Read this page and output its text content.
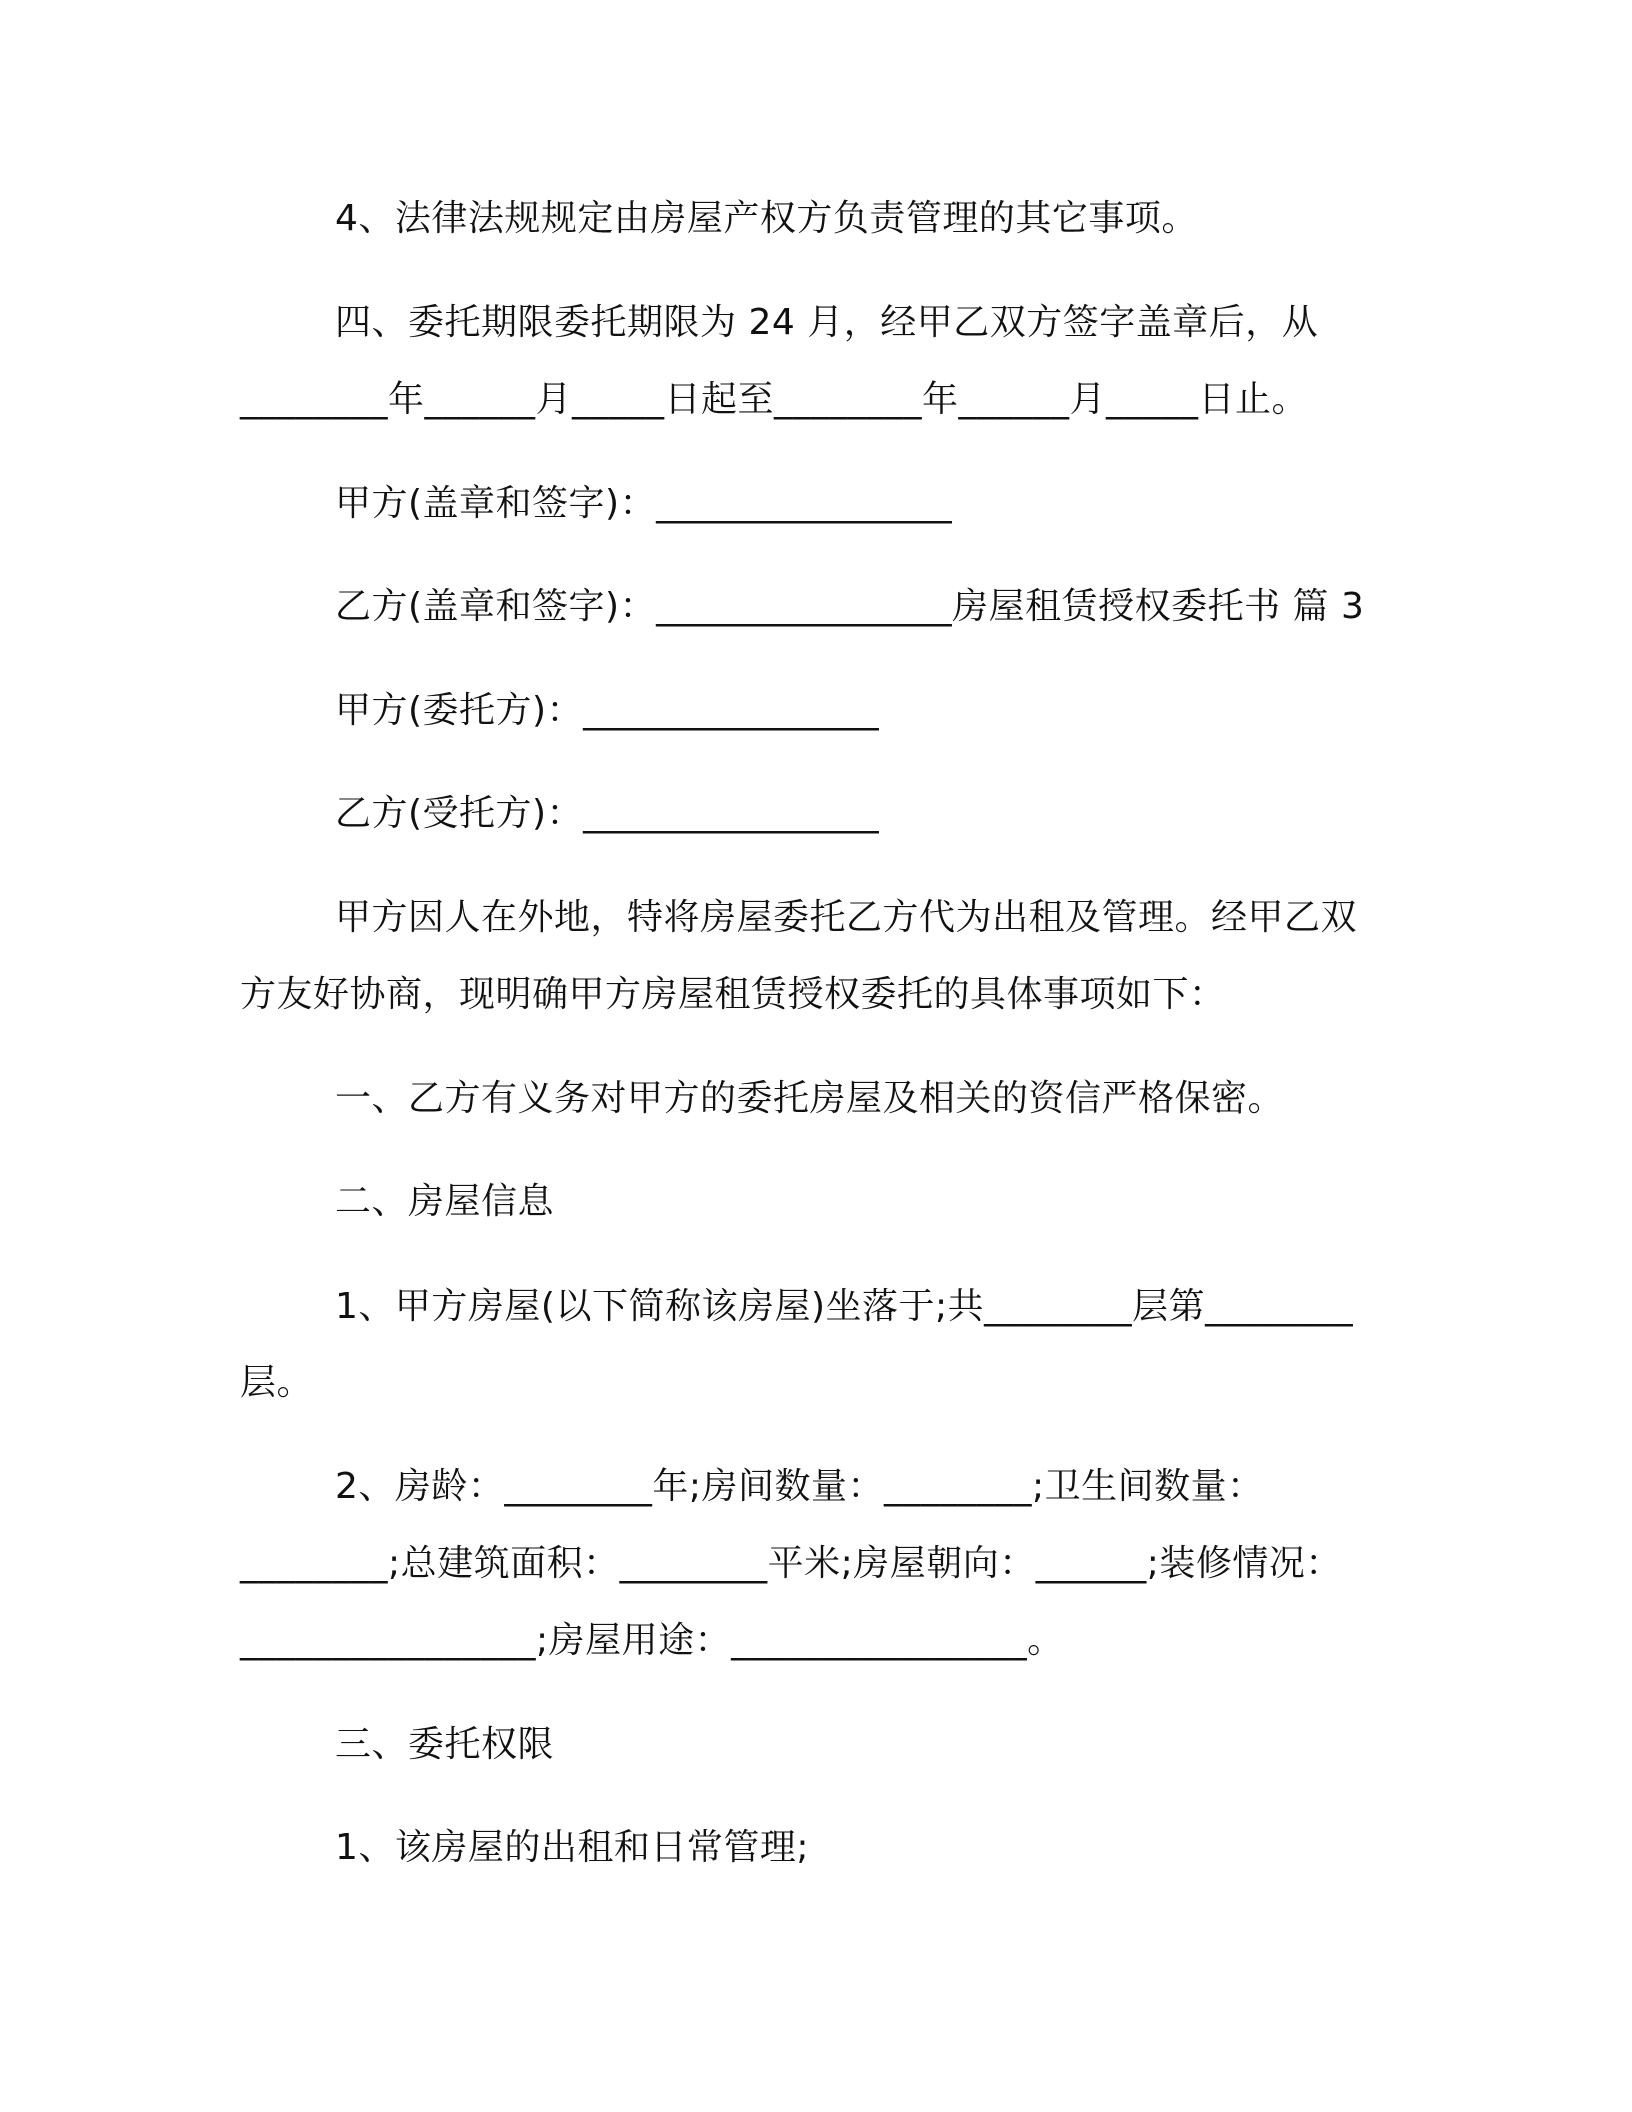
4、法律法规规定由房屋产权方负责管理的其它事项。
四、委托期限委托期限为 24 月，经甲乙双方签字盖章后，从
________年______月_____日起至________年______月_____日止。
甲方(盖章和签字)：________________
乙方(盖章和签字)：________________房屋租赁授权委托书 篇 3
甲方(委托方)：________________
乙方(受托方)：________________
甲方因人在外地，特将房屋委托乙方代为出租及管理。经甲乙双
方友好协商，现明确甲方房屋租赁授权委托的具体事项如下：
一、乙方有义务对甲方的委托房屋及相关的资信严格保密。
二、房屋信息
1、甲方房屋(以下简称该房屋)坐落于;共________层第________
层。
2、房龄：________年;房间数量：________;卫生间数量：
________;总建筑面积：________平米;房屋朝向：______;装修情况：
________________;房屋用途：________________。
三、委托权限
1、该房屋的出租和日常管理;
